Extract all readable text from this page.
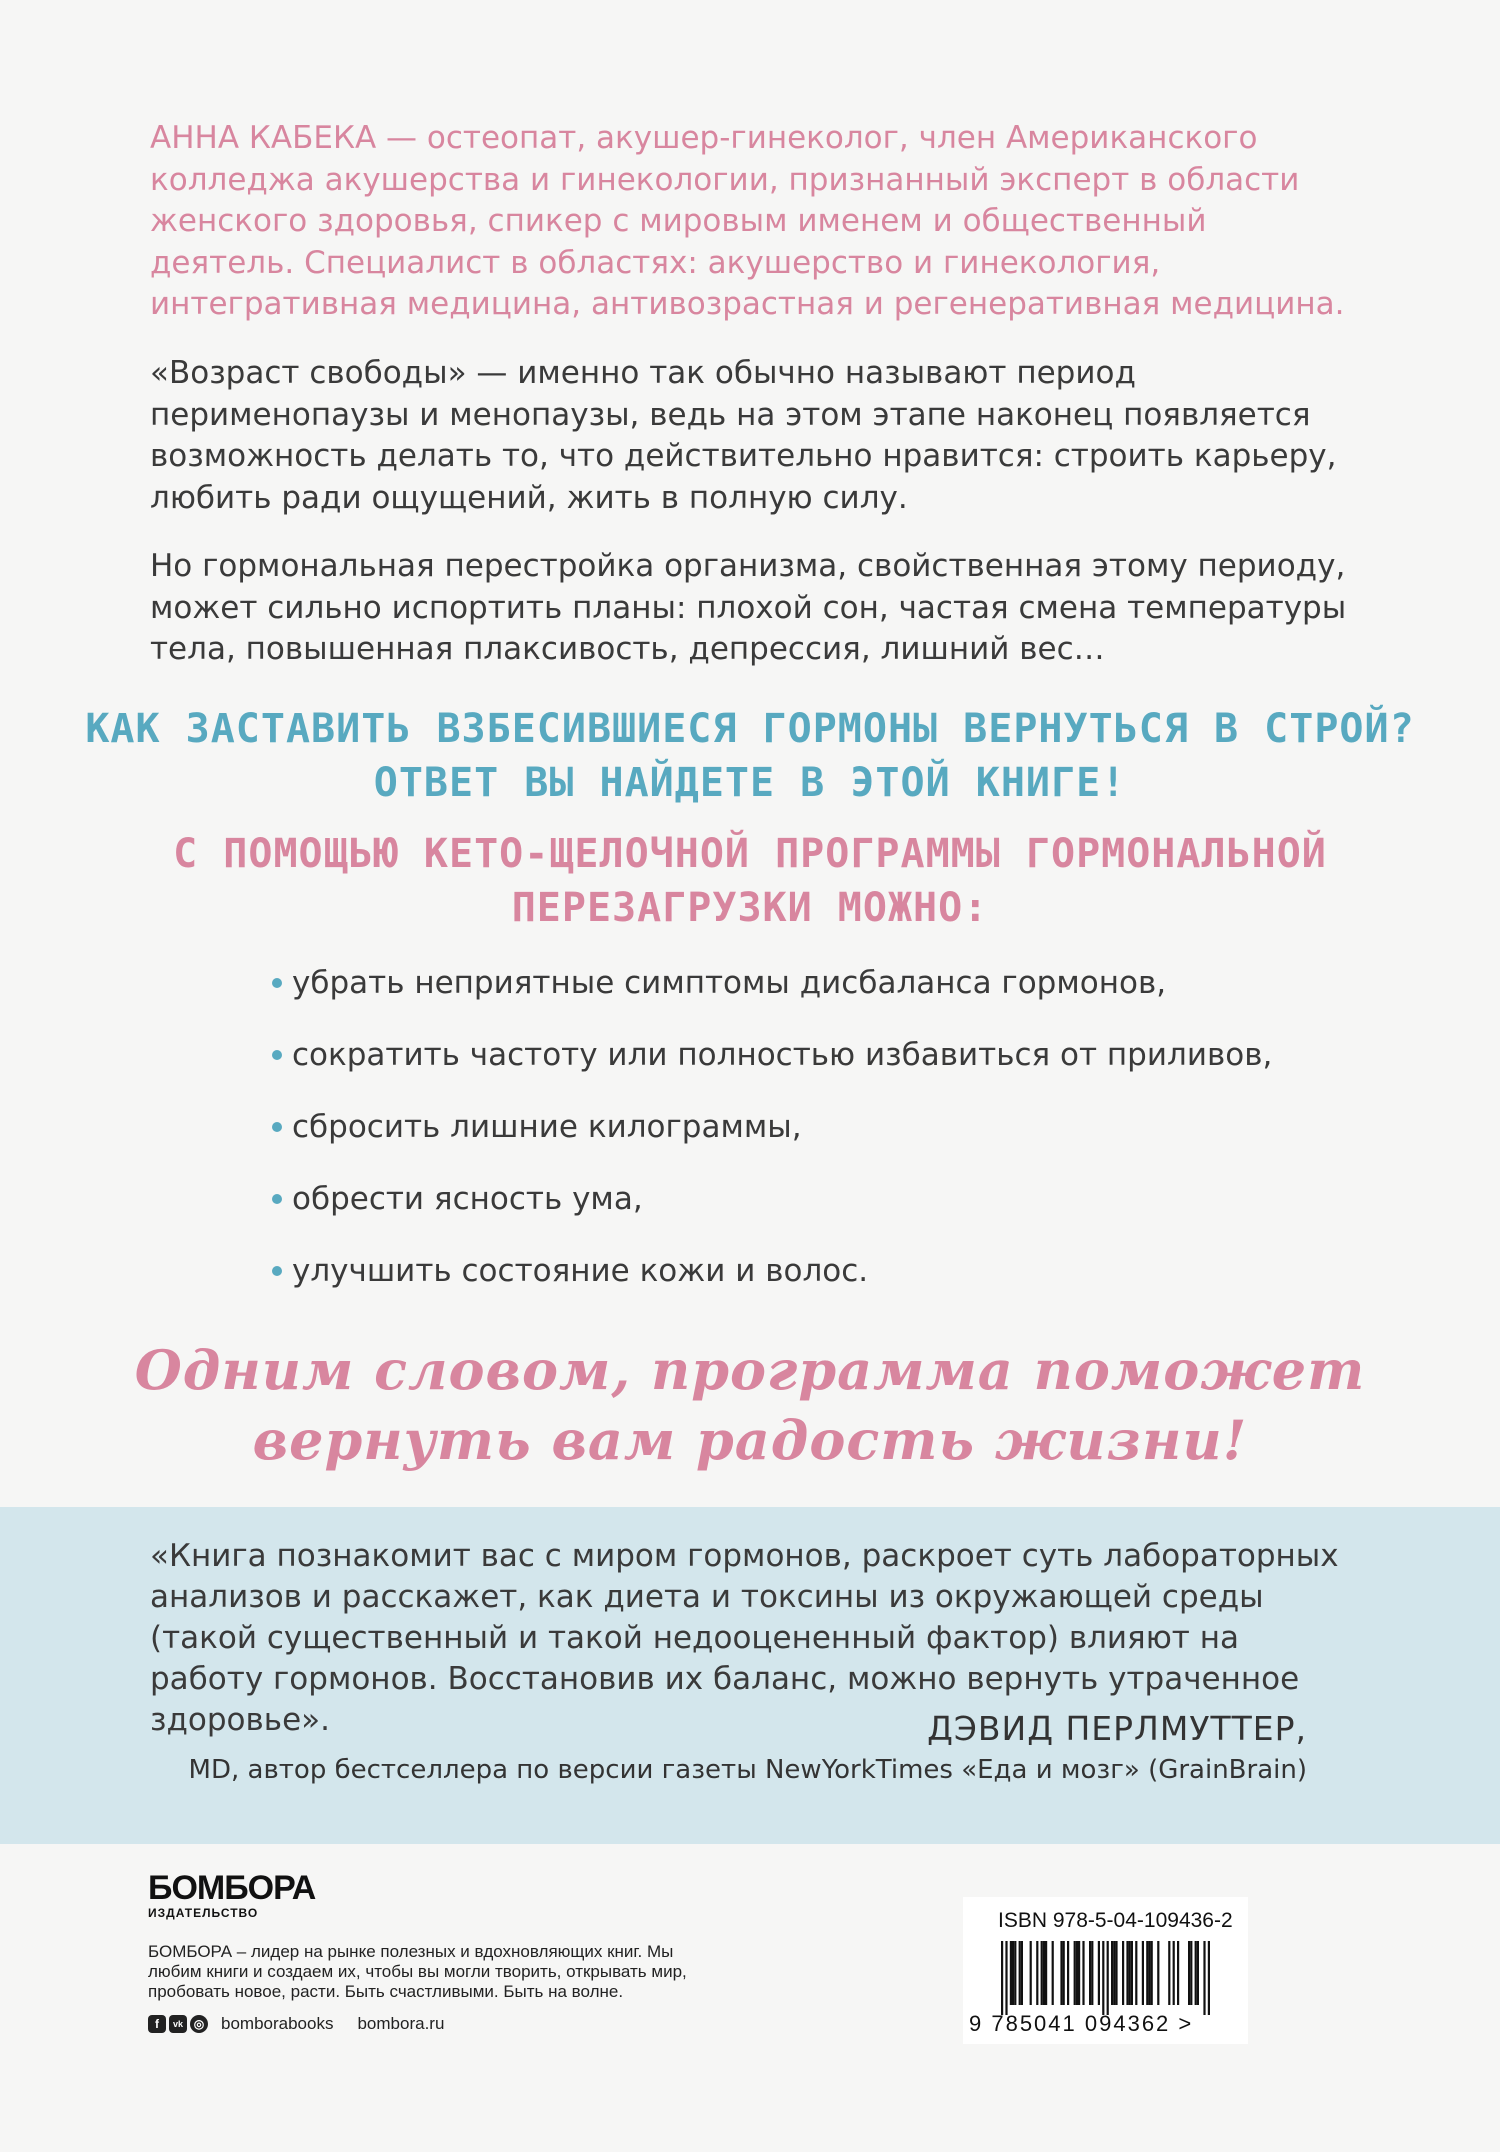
АННА КАБЕКА — остеопат, акушер-гинеколог, член Американского колледжа акушерства и гинекологии, признанный эксперт в области женского здоровья, спикер с мировым именем и общественный деятель. Специалист в областях: акушерство и гинекология, интегративная медицина, антивозрастная и регенеративная медицина.

«Возраст свободы» — именно так обычно называют период перименопаузы и менопаузы, ведь на этом этапе наконец появляется возможность делать то, что действительно нравится: строить карьеру, любить ради ощущений, жить в полную силу.

Но гормональная перестройка организма, свойственная этому периоду, может сильно испортить планы: плохой сон, частая смена температуры тела, повышенная плаксивость, депрессия, лишний вес…

КАК ЗАСТАВИТЬ ВЗБЕСИВШИЕСЯ ГОРМОНЫ ВЕРНУТЬСЯ В СТРОЙ?
ОТВЕТ ВЫ НАЙДЕТЕ В ЭТОЙ КНИГЕ!

С ПОМОЩЬЮ КЕТО-ЩЕЛОЧНОЙ ПРОГРАММЫ ГОРМОНАЛЬНОЙ
ПЕРЕЗАГРУЗКИ МОЖНО:

убрать неприятные симптомы дисбаланса гормонов,
сократить частоту или полностью избавиться от приливов,
сбросить лишние килограммы,
обрести ясность ума,
улучшить состояние кожи и волос.

Одним словом, программа поможет
вернуть вам радость жизни!

«Книга познакомит вас с миром гормонов, раскроет суть лабораторных анализов и расскажет, как диета и токсины из окружающей среды (такой существенный и такой недооцененный фактор) влияют на работу гормонов. Восстановив их баланс, можно вернуть утраченное здоровье».	ДЭВИД ПЕРЛМУТТЕР,

MD, автор бестселлера по версии газеты NewYorkTimes «Еда и мозг» (GrainBrain)

БОМБОРА
ИЗДАТЕЛЬСТВО

БОМБОРА – лидер на рынке полезных и вдохновляющих книг. Мы любим книги и создаем их, чтобы вы могли творить, открывать мир, пробовать новое, расти. Быть счастливыми. Быть на волне.

f	vk ◎ bomborabooks bombora.ru
ISBN 978-5-04-109436-2
9 785041 094362 >
